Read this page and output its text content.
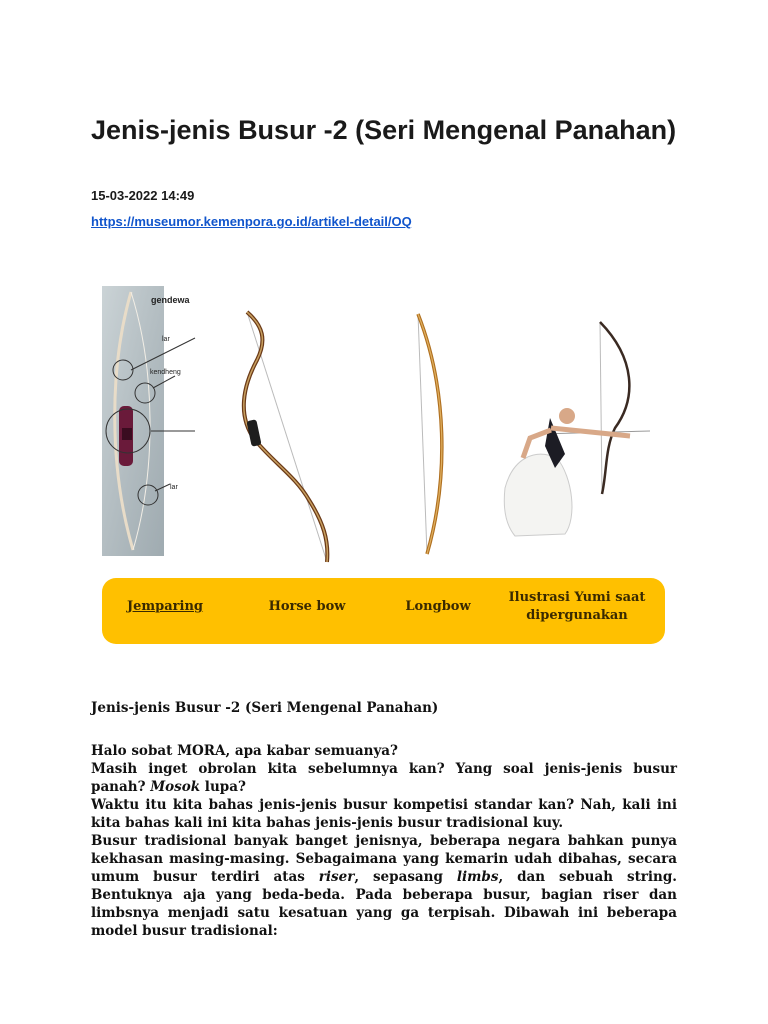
Jenis-jenis Busur -2 (Seri Mengenal Panahan)
15-03-2022 14:49
https://museumor.kemenpora.go.id/artikel-detail/OQ
gendewa
lar
kendheng
lar
Jemparing	Horse bow	Longbow
Ilustrasi Yumi saat
dipergunakan
Jenis-jenis Busur -2 (Seri Mengenal Panahan)

Halo sobat MORA, apa kabar semuanya?

Masih inget obrolan kita sebelumnya kan? Yang soal jenis-jenis busur panah? Mosok lupa?

Waktu itu kita bahas jenis-jenis busur kompetisi standar kan? Nah, kali ini kita bahas kali ini kita bahas jenis-jenis busur tradisional kuy.

Busur tradisional banyak banget jenisnya, beberapa negara bahkan punya kekhasan masing-masing. Sebagaimana yang kemarin udah dibahas, secara umum busur terdiri atas riser, sepasang limbs, dan sebuah string. Bentuknya aja yang beda-beda. Pada beberapa busur, bagian riser dan limbsnya menjadi satu kesatuan yang ga terpisah. Dibawah ini beberapa model busur tradisional:
